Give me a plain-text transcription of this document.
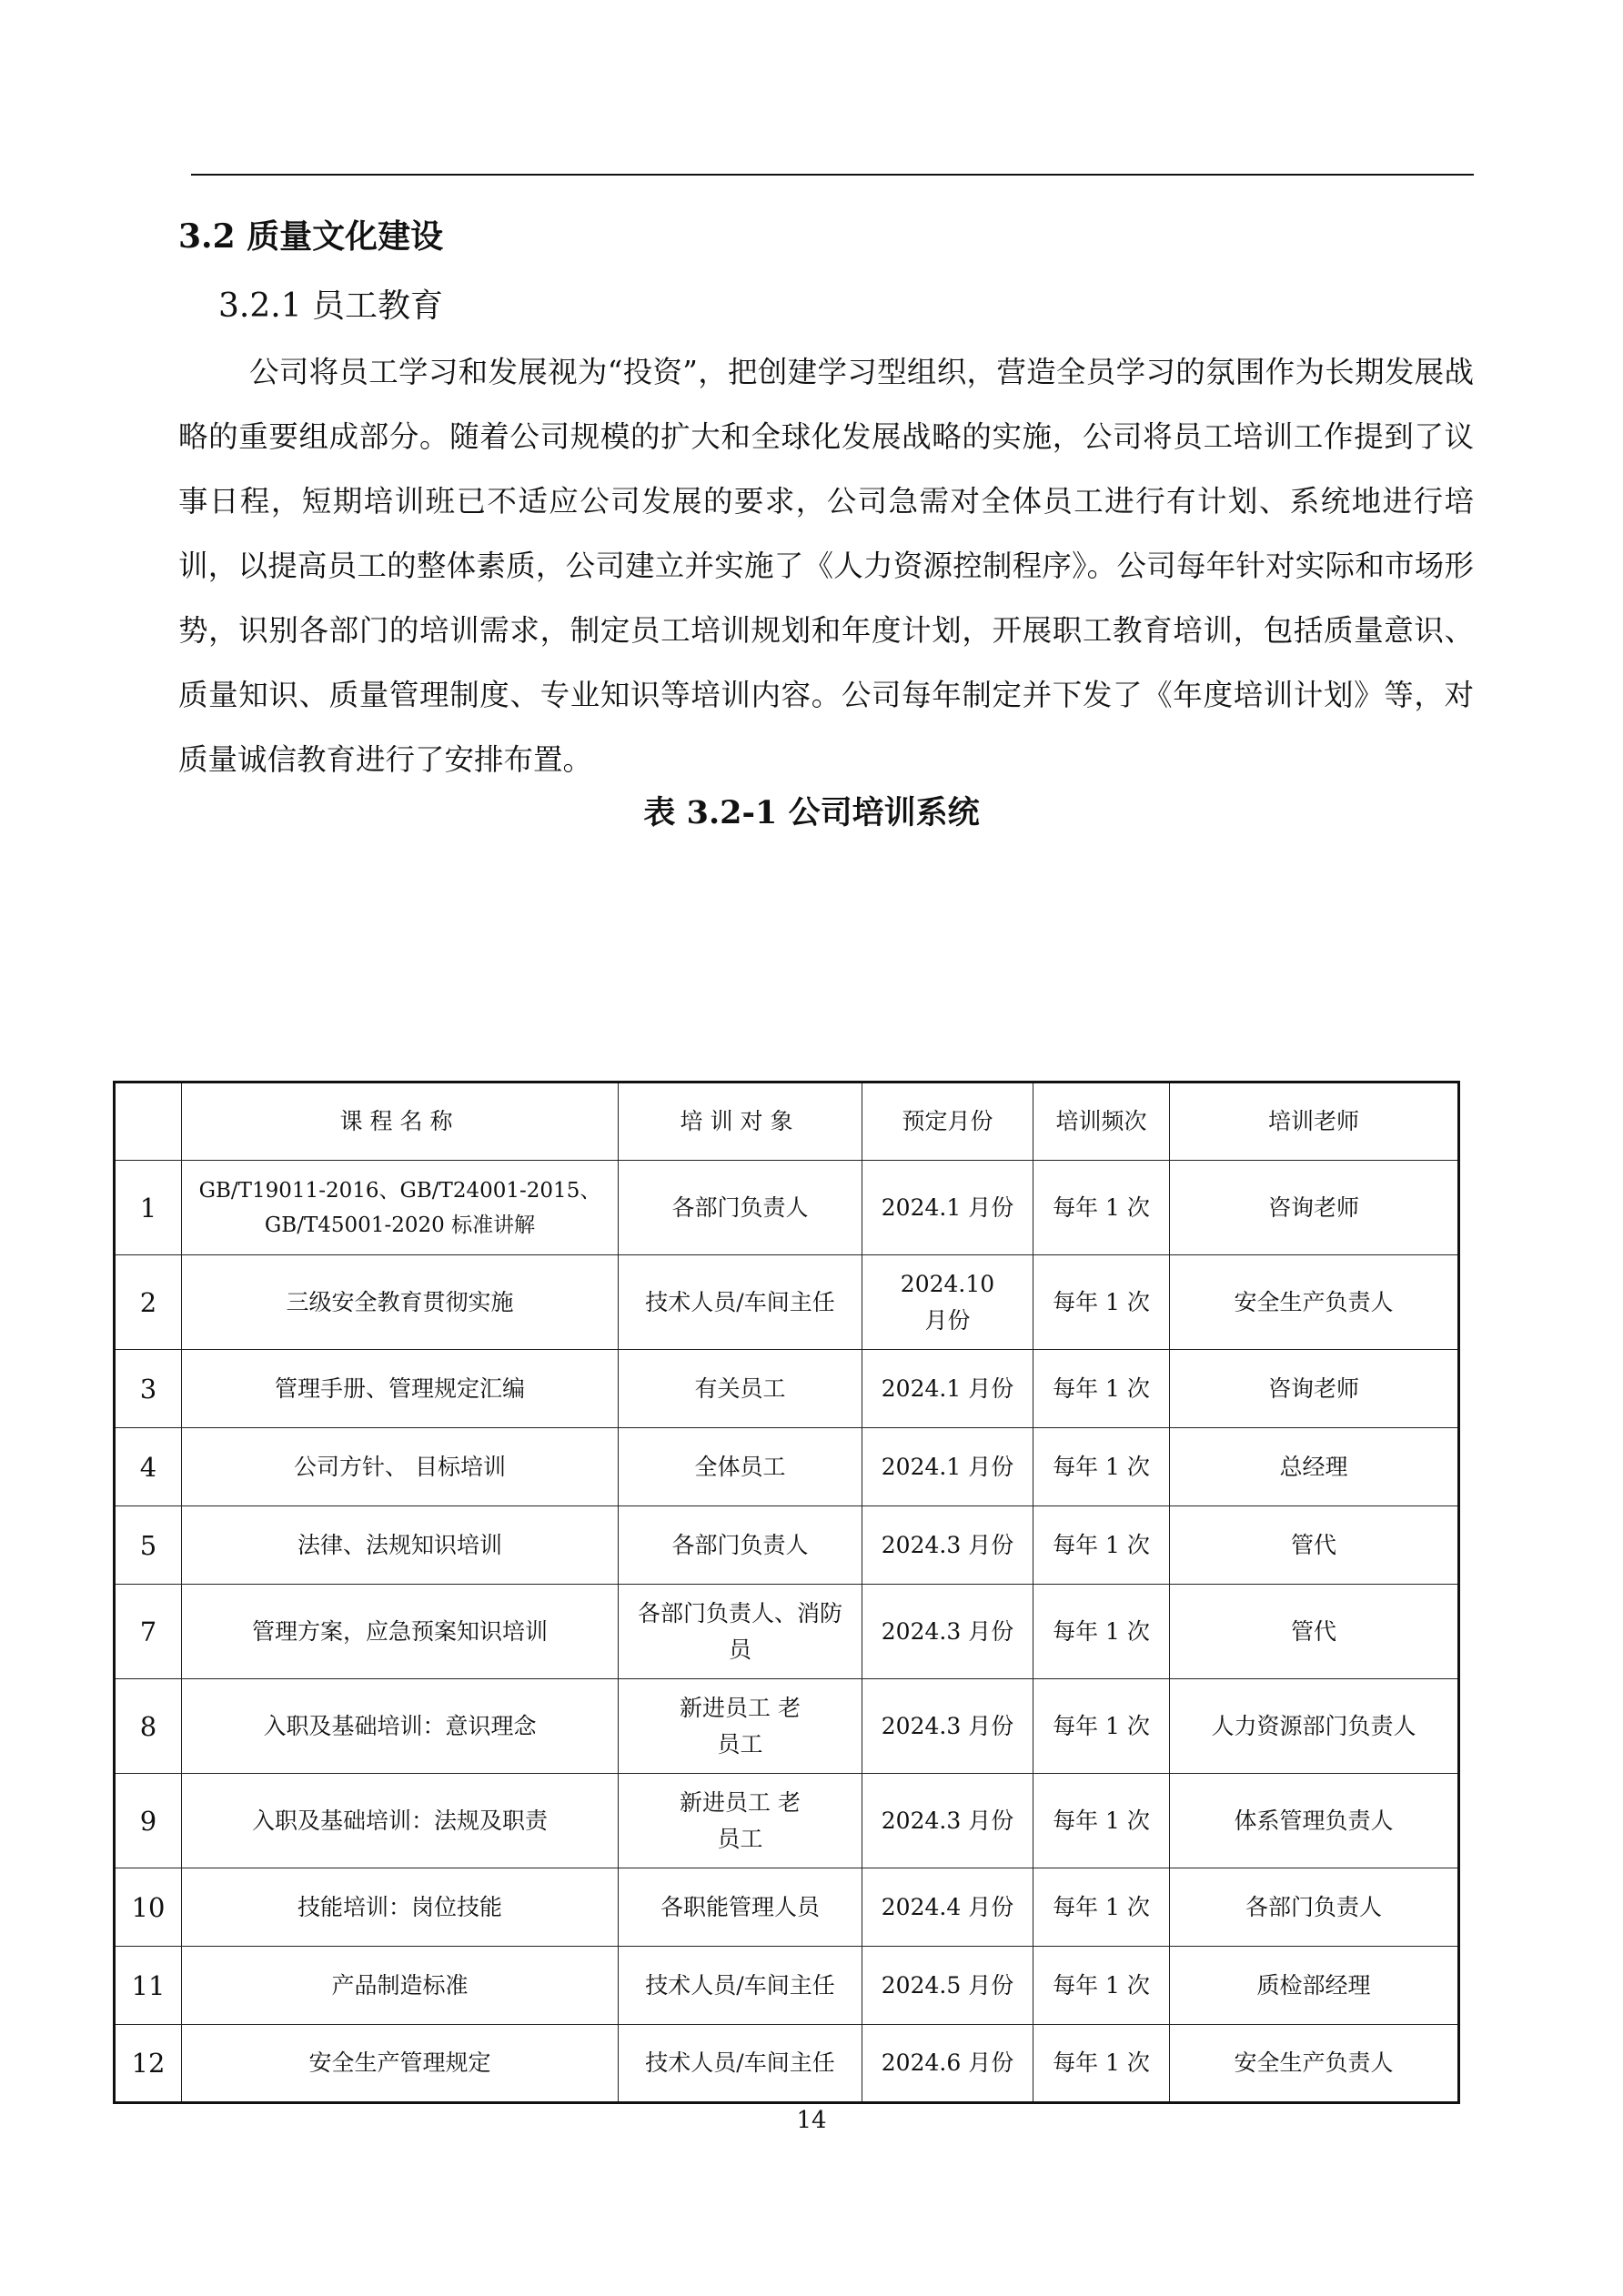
3.2 质量文化建设
3.2.1 员工教育
公司将员工学习和发展视为“投资”，把创建学习型组织，营造全员学习的氛围作为长期发展战略的重要组成部分。随着公司规模的扩大和全球化发展战略的实施，公司将员工培训工作提到了议事日程，短期培训班已不适应公司发展的要求，公司急需对全体员工进行有计划、系统地进行培训，以提高员工的整体素质，公司建立并实施了《人力资源控制程序》。公司每年针对实际和市场形势，识别各部门的培训需求，制定员工培训规划和年度计划，开展职工教育培训，包括质量意识、质量知识、质量管理制度、专业知识等培训内容。公司每年制定并下发了《年度培训计划》等，对质量诚信教育进行了安排布置。
表 3.2-1 公司培训系统
	课程名称	培训对象	预定月份	培训频次	培训老师
1	GB/T19011-2016、GB/T24001-2015、GB/T45001-2020 标准讲解	各部门负责人	2024.1 月份	每年 1 次	咨询老师
2	三级安全教育贯彻实施	技术人员/车间主任	2024.10 月份	每年 1 次	安全生产负责人
3	管理手册、管理规定汇编	有关员工	2024.1 月份	每年 1 次	咨询老师
4	公司方针、 目标培训	全体员工	2024.1 月份	每年 1 次	总经理
5	法律、法规知识培训	各部门负责人	2024.3 月份	每年 1 次	管代
7	管理方案，应急预案知识培训	各部门负责人、消防员	2024.3 月份	每年 1 次	管代
8	入职及基础培训：意识理念	新进员工 老员工	2024.3 月份	每年 1 次	人力资源部门负责人
9	入职及基础培训：法规及职责	新进员工 老员工	2024.3 月份	每年 1 次	体系管理负责人
10	技能培训：岗位技能	各职能管理人员	2024.4 月份	每年 1 次	各部门负责人
11	产品制造标准	技术人员/车间主任	2024.5 月份	每年 1 次	质检部经理
12	安全生产管理规定	技术人员/车间主任	2024.6 月份	每年 1 次	安全生产负责人
14
